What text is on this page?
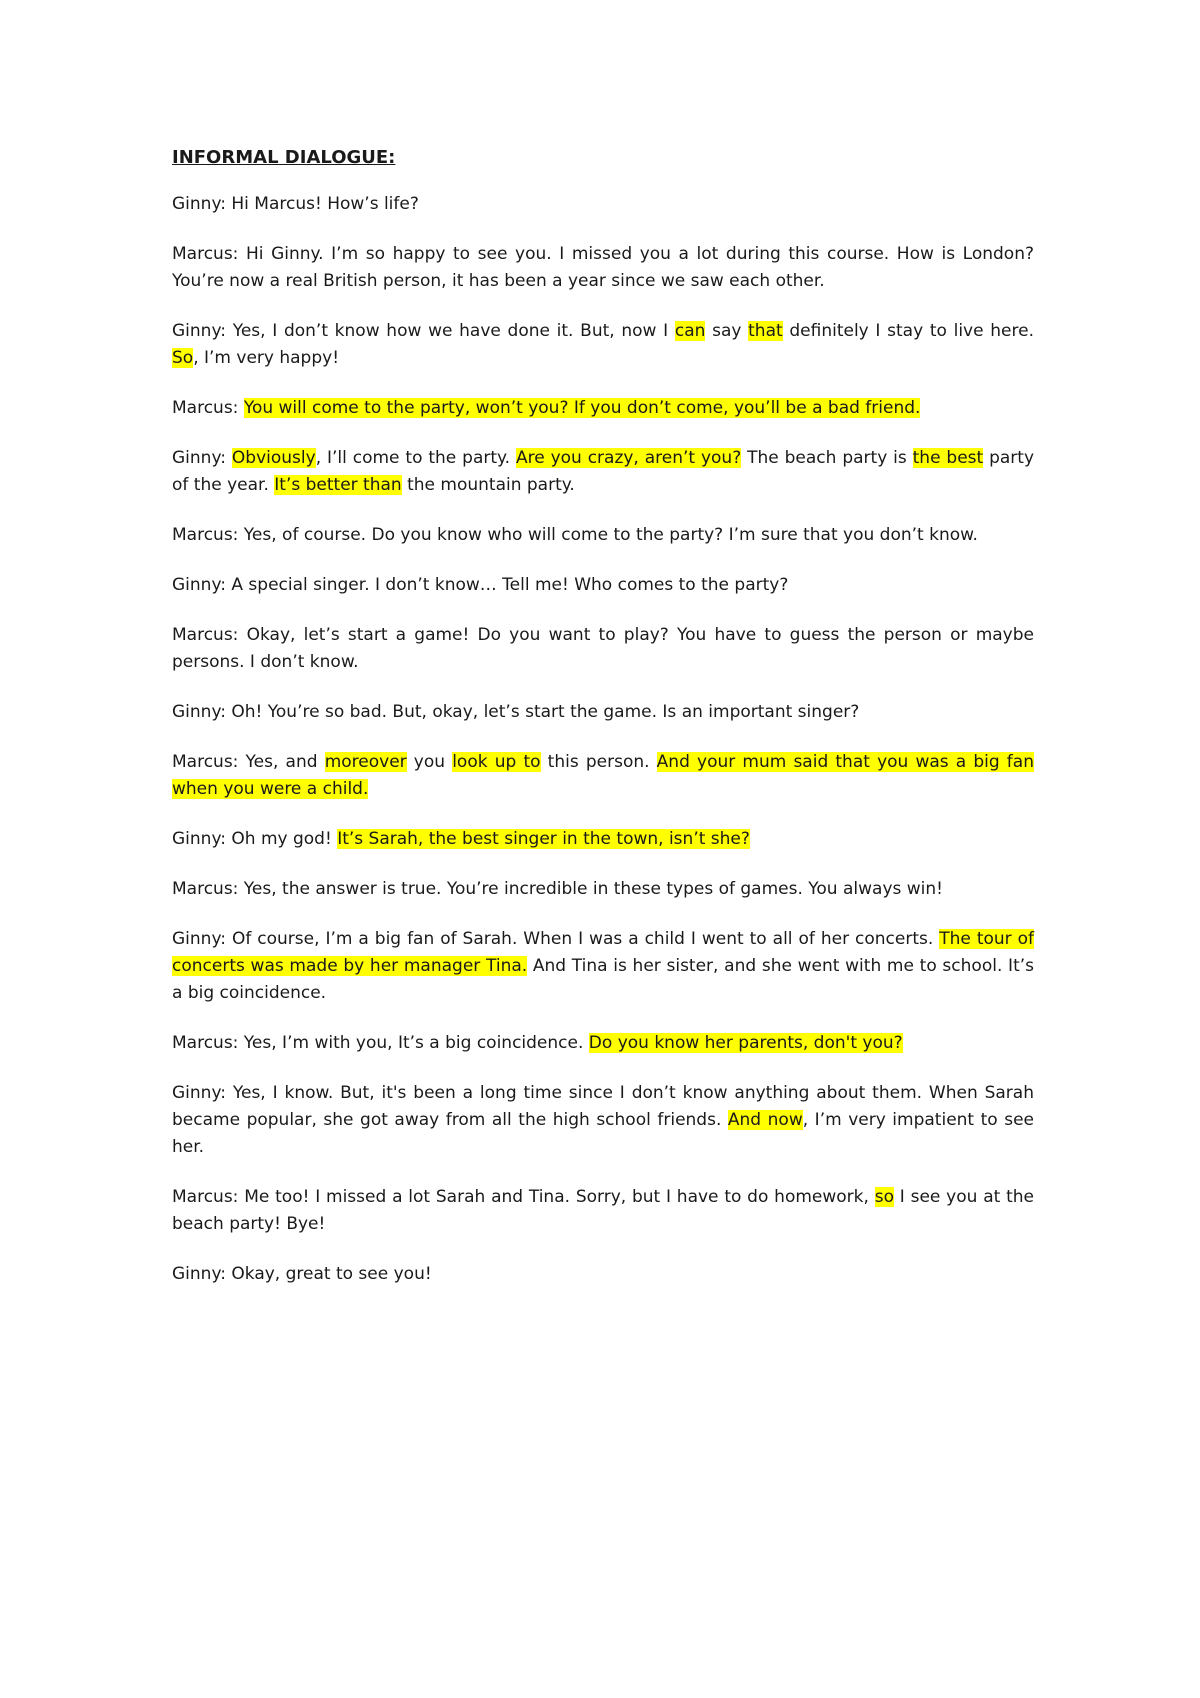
INFORMAL DIALOGUE:

Ginny: Hi Marcus! How’s life?

Marcus: Hi Ginny. I’m so happy to see you. I missed you a lot during this course. How is London? You’re now a real British person, it has been a year since we saw each other.

Ginny: Yes, I don’t know how we have done it. But, now I can say that definitely I stay to live here. So, I’m very happy!

Marcus: You will come to the party, won’t you? If you don’t come, you’ll be a bad friend.

Ginny: Obviously, I’ll come to the party. Are you crazy, aren’t you? The beach party is the best party of the year. It’s better than the mountain party.

Marcus: Yes, of course. Do you know who will come to the party? I’m sure that you don’t know.

Ginny: A special singer. I don’t know… Tell me! Who comes to the party?

Marcus: Okay, let’s start a game! Do you want to play? You have to guess the person or maybe persons. I don’t know.

Ginny: Oh! You’re so bad. But, okay, let’s start the game. Is an important singer?

Marcus: Yes, and moreover you look up to this person. And your mum said that you was a big fan when you were a child.

Ginny: Oh my god! It’s Sarah, the best singer in the town, isn’t she?

Marcus: Yes, the answer is true. You’re incredible in these types of games. You always win!

Ginny: Of course, I’m a big fan of Sarah. When I was a child I went to all of her concerts. The tour of concerts was made by her manager Tina. And Tina is her sister, and she went with me to school. It’s a big coincidence.

Marcus: Yes, I’m with you, It’s a big coincidence. Do you know her parents, don't you?

Ginny: Yes, I know. But, it's been a long time since I don’t know anything about them. When Sarah became popular, she got away from all the high school friends. And now, I’m very impatient to see her.

Marcus: Me too! I missed a lot Sarah and Tina. Sorry, but I have to do homework, so I see you at the beach party! Bye!

Ginny: Okay, great to see you!
